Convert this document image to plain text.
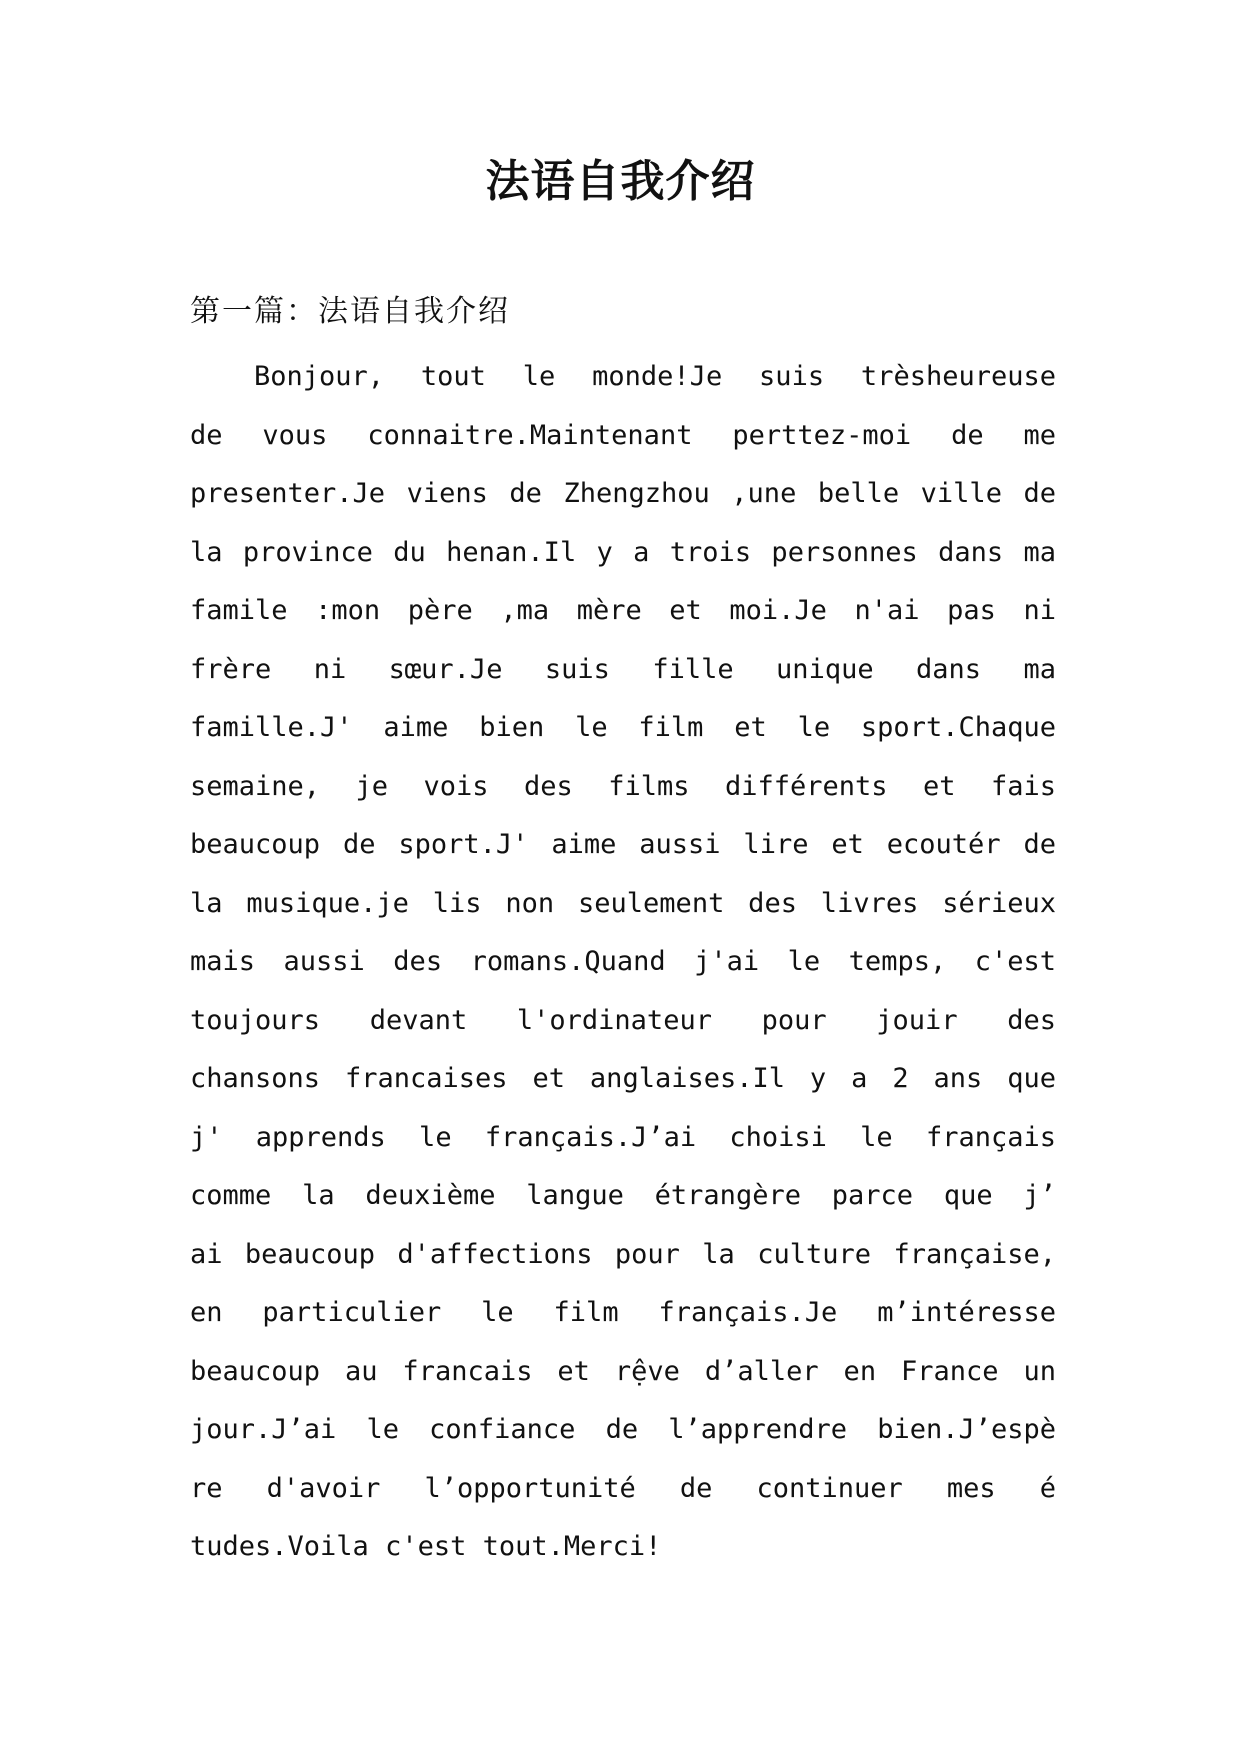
法语自我介绍
第一篇：法语自我介绍
Bonjour, tout le monde!Je suis trèsheureuse
de vous connaitre.Maintenant perttez-moi de me
presenter.Je viens de Zhengzhou ,une belle ville de
la province du henan.Il y a trois personnes dans ma
famile :mon père ,ma mère et moi.Je n'ai pas ni
frère ni sœur.Je suis fille unique dans ma
famille.J' aime bien le film et le sport.Chaque
semaine, je vois des films différents et fais
beaucoup de sport.J' aime aussi lire et ecoutér de
la musique.je lis non seulement des livres sérieux
mais aussi des romans.Quand j'ai le temps, c'est
toujours devant l'ordinateur pour jouir des
chansons francaises et anglaises.Il y a 2 ans que
j' apprends le français.J’ai choisi le français
comme la deuxième langue étrangère parce que j’
ai beaucoup d'affections pour la culture française,
en particulier le film français.Je m’intéresse
beaucoup au francais et rệve d’aller en France un
jour.J’ai le confiance de l’apprendre bien.J’espè
re d'avoir l’opportunité de continuer mes é
tudes.Voila c'est tout.Merci!
